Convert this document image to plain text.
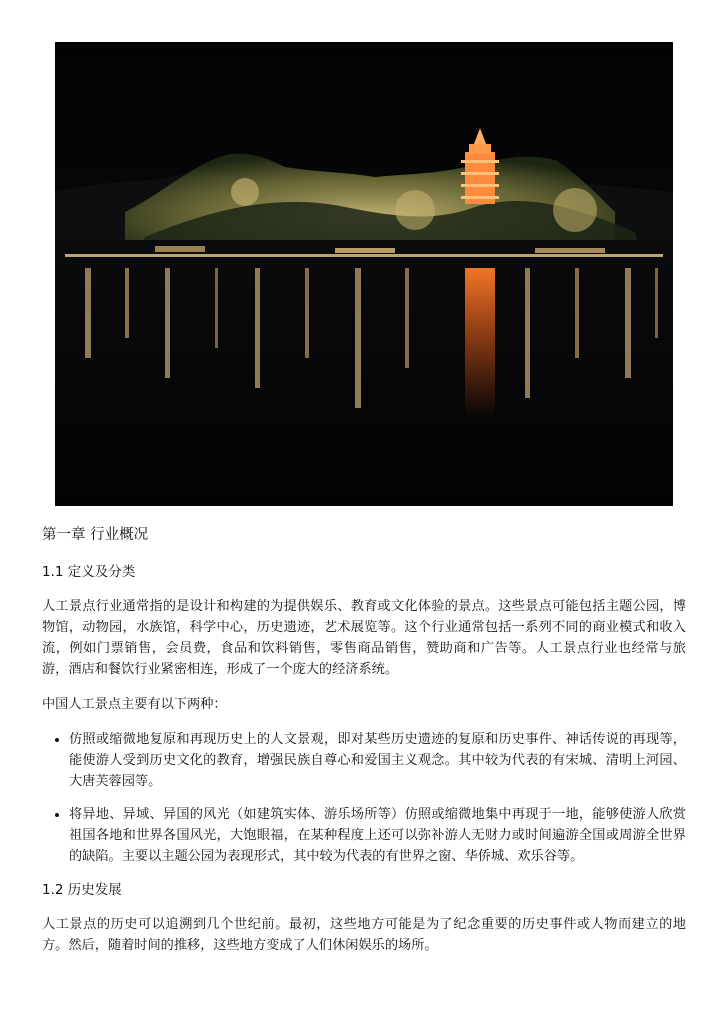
第一章 行业概况
1.1 定义及分类

人工景点行业通常指的是设计和构建的为提供娱乐、教育或文化体验的景点。这些景点可能包括主题公园，博物馆，动物园，水族馆，科学中心，历史遗迹，艺术展览等。这个行业通常包括一系列不同的商业模式和收入流，例如门票销售，会员费，食品和饮料销售，零售商品销售，赞助商和广告等。人工景点行业也经常与旅游，酒店和餐饮行业紧密相连，形成了一个庞大的经济系统。

中国人工景点主要有以下两种：

• 仿照或缩微地复原和再现历史上的人文景观，即对某些历史遗迹的复原和历史事件、神话传说的再现等，能使游人受到历史文化的教育，增强民族自尊心和爱国主义观念。其中较为代表的有宋城、清明上河园、大唐芙蓉园等。
• 将异地、异域、异国的风光（如建筑实体、游乐场所等）仿照或缩微地集中再现于一地，能够使游人欣赏祖国各地和世界各国风光，大饱眼福，在某种程度上还可以弥补游人无财力或时间遍游全国或周游全世界的缺陷。主要以主题公园为表现形式，其中较为代表的有世界之窗、华侨城、欢乐谷等。
1.2 历史发展

人工景点的历史可以追溯到几个世纪前。最初，这些地方可能是为了纪念重要的历史事件或人物而建立的地方。然后，随着时间的推移，这些地方变成了人们休闲娱乐的场所。
